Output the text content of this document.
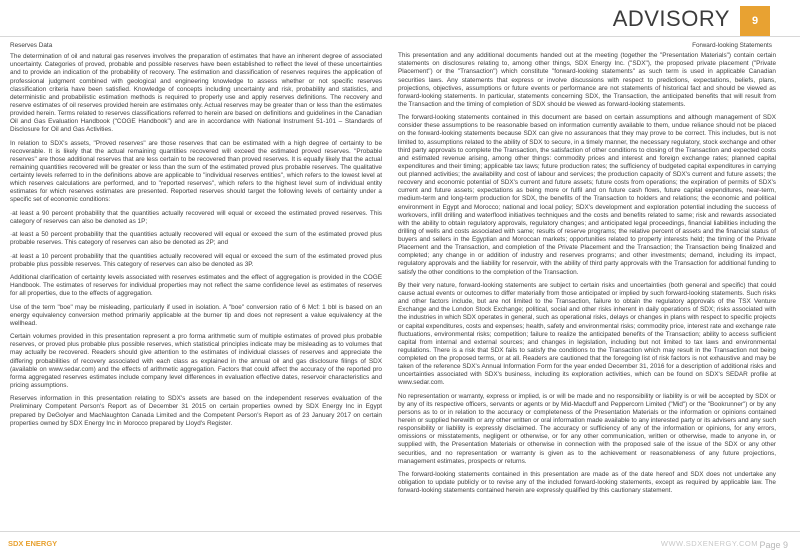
ADVISORY	9

Reserves Data

The determination of oil and natural gas reserves involves the preparation of estimates that have an inherent degree of associated uncertainty. Categories of proved, probable and possible reserves have been established to reflect the level of these uncertainties and to provide an indication of the probability of recovery. The estimation and classification of reserves requires the application of professional judgment combined with geological and engineering knowledge to assess whether or not specific reserves classification criteria have been satisfied. Knowledge of concepts including uncertainty and risk, probability and statistics, and deterministic and probabilistic estimation methods is required to properly use and apply reserves definitions. The recovery and reserve estimates of oil reserves provided herein are estimates only. Actual reserves may be greater than or less than the estimates provided herein. Terms related to reserves classifications referred to herein are based on definitions and guidelines in the Canadian Oil and Gas Evaluation Handbook ("COGE Handbook") and are in accordance with National Instrument 51-101 – Standards of Disclosure for Oil and Gas Activities.

In relation to SDX's assets, "Proved reserves" are those reserves that can be estimated with a high degree of certainty to be recoverable. It is likely that the actual remaining quantities recovered will exceed the estimated proved reserves. "Probable reserves" are those additional reserves that are less certain to be recovered than proved reserves. It is equally likely that the actual remaining quantities recovered will be greater or less than the sum of the estimated proved plus probable reserves. The qualitative certainty levels referred to in the definitions above are applicable to "individual reserves entities", which refers to the lowest level at which reserves calculations are performed, and to "reported reserves", which refers to the highest level sum of individual entity estimates for which reserves estimates are presented. Reported reserves should target the following levels of certainty under a specific set of economic conditions:

·at least a 90 percent probability that the quantities actually recovered will equal or exceed the estimated proved reserves. This category of reserves can also be denoted as 1P;

·at least a 50 percent probability that the quantities actually recovered will equal or exceed the sum of the estimated proved plus probable reserves. This category of reserves can also be denoted as 2P; and

·at least a 10 percent probability that the quantities actually recovered will equal or exceed the sum of the estimated proved plus probable plus possible reserves. This category of reserves can also be denoted as 3P.

Additional clarification of certainty levels associated with reserves estimates and the effect of aggregation is provided in the COGE Handbook. The estimates of reserves for individual properties may not reflect the same confidence level as estimates of reserves for all properties, due to the effects of aggregation.

Use of the term "boe" may be misleading, particularly if used in isolation. A "boe" conversion ratio of 6 Mcf: 1 bbl is based on an energy equivalency conversion method primarily applicable at the burner tip and does not represent a value equivalency at the wellhead.

Certain volumes provided in this presentation represent a pro forma arithmetic sum of multiple estimates of proved plus probable reserves, or proved plus probable plus possible reserves, which statistical principles indicate may be misleading as to volumes that may actually be recovered. Readers should give attention to the estimates of individual classes of reserves and appreciate the differing probabilities of recovery associated with each class as explained in the annual oil and gas disclosure filings of SDX (available on www.sedar.com) and the effects of arithmetic aggregation. Factors that could affect the accuracy of the reported pro forma aggregated reserves estimates include company level differences in evaluation effective dates, reservoir characteristics and pricing assumptions.

Reserves information in this presentation relating to SDX's assets are based on the independent reserves evaluation of the Preliminary Competent Person's Report as of December 31 2015 on certain properties owned by SDX Energy Inc in Egypt prepared by DeGolyer and MacNaughton Canada Limited and the Competent Person's Report as of 23 January 2017 on certain properties owned by SDX Energy Inc in Morocco prepared by Lloyd's Register.

Forward-looking Statements

This presentation and any additional documents handed out at the meeting (together the "Presentation Materials") contain certain statements on disclosures relating to, among other things, SDX Energy Inc. ("SDX"), the proposed private placement ("Private Placement") or the "Transaction") which constitute "forward-looking statements" as such term is used in applicable Canadian securities laws. Any statements that express or involve discussions with respect to predictions, expectations, beliefs, plans, projections, objectives, assumptions or future events or performance are not statements of historical fact and should be viewed as forward-looking statements. In particular, statements concerning SDX, the Transaction, the anticipated benefits that will result from the Transaction and the timing of completion of SDX should be viewed as forward-looking statements.

The forward-looking statements contained in this document are based on certain assumptions and although management of SDX consider these assumptions to be reasonable based on information currently available to them, undue reliance should not be placed on the forward-looking statements because SDX can give no assurances that they may prove to be correct. This includes, but is not limited to, assumptions related to the ability of SDX to secure, in a timely manner, the necessary regulatory, stock exchange and other third party approvals to complete the Transaction, the satisfaction of other conditions to closing of the Transaction and expected costs and estimated revenue arising, among other things: commodity prices and interest and foreign exchange rates; planned capital expenditures and their timing; applicable tax laws; future production rates; the sufficiency of budgeted capital expenditures in carrying out planned activities; the availability and cost of labour and services; the production capacity of SDX's current and future assets; the recovery and economic potential of SDX's current and future assets; future costs from operations; the expiration of permits of SDX's current and future assets; expectations as being more or fulfil and on future cash flows, future capital expenditures, near-term, medium-term and long-term production for SDX, the benefits of the Transaction to holders and relations; the economic and political environment in Egypt and Morocco; national and local policy; SDX's development and exploration potential including the success of workovers, infill drilling and waterflood initiatives techniques and the costs and benefits related to same; risk and rewards associated with the ability to obtain regulatory approvals, regulatory changes; and anticipated legal proceedings, financial liabilities including the drilling of wells and costs associated with same; results of reserve programs; the relative percent of assets and the financial status of buyers and sellers in the Egyptian and Moroccan markets; opportunities related to property interests held; the timing of the Private Placement and the Transaction, and completion of the Private Placement and the Transaction; the Transaction being finalized and completed; any change in or addition of industry and reserves programs; and other investments; demand, including its impact, regulatory approvals and the liability for reservoir, with the ability of third party approvals with the Transaction for additional funding to satisfy the other conditions to the completion of the Transaction.

By their very nature, forward-looking statements are subject to certain risks and uncertainties (both general and specific) that could cause actual events or outcomes to differ materially from those anticipated or implied by such forward-looking statements. Such risks and other factors include, but are not limited to the Transaction, failure to obtain the regulatory approvals of the TSX Venture Exchange and the London Stock Exchange; political, social and other risks inherent in daily operations of SDX; risks associated with the industries in which SDX operates in general, such as operational risks, delays or changes in plans with respect to specific projects or capital expenditures, costs and expenses; health, safety and environmental risks; commodity price, interest rate and exchange rate fluctuations, environmental risks; competition; failure to realize the anticipated benefits of the Transaction; ability to access sufficient capital from internal and external sources; and changes in legislation, including but not limited to tax laws and environmental regulations. There is a risk that SDX fails to satisfy the conditions to the Transaction which may result in the Transaction not being completed on the proposed terms, or at all. Readers are cautioned that the foregoing list of risk factors is not exhaustive and may be taken of the reference SDX's Annual Information Form for the year ended December 31, 2016 for a description of additional risks and uncertainties associated with SDX's business, including its exploration activities, which can be found on SDX's SEDAR profile at www.sedar.com.

No representation or warranty, express or implied, is or will be made and no responsibility or liability is or will be accepted by SDX or by any of its respective officers, servants or agents or by Mid-Macduff and Peppercorn Limited ("Mid") or the "Bookrunner") or by any persons as to or in relation to the accuracy or completeness of the Presentation Materials or the information or opinions contained herein or supplied herewith or any other written or oral information made available to any interested party or its advisers and any such responsibility or liability is expressly disclaimed. The accuracy or sufficiency of any of the information or opinions, for any errors, omissions or misstatements, negligent or otherwise, or for any other communication, written or otherwise, made to anyone in, or supplied with, the Presentation Materials or otherwise in connection with the proposed sale of the issue of the SDX or any other securities, and no representation or warranty is given as to the achievement or reasonableness of any future projections, management estimates, prospects or returns.

The forward-looking statements contained in this presentation are made as of the date hereof and SDX does not undertake any obligation to update publicly or to revise any of the included forward-looking statements, except as required by applicable law. The forward-looking statements contained herein are expressly qualified by this cautionary statement.

SDX ENERGY	WWW.SDXENERGY.COM Page 9
